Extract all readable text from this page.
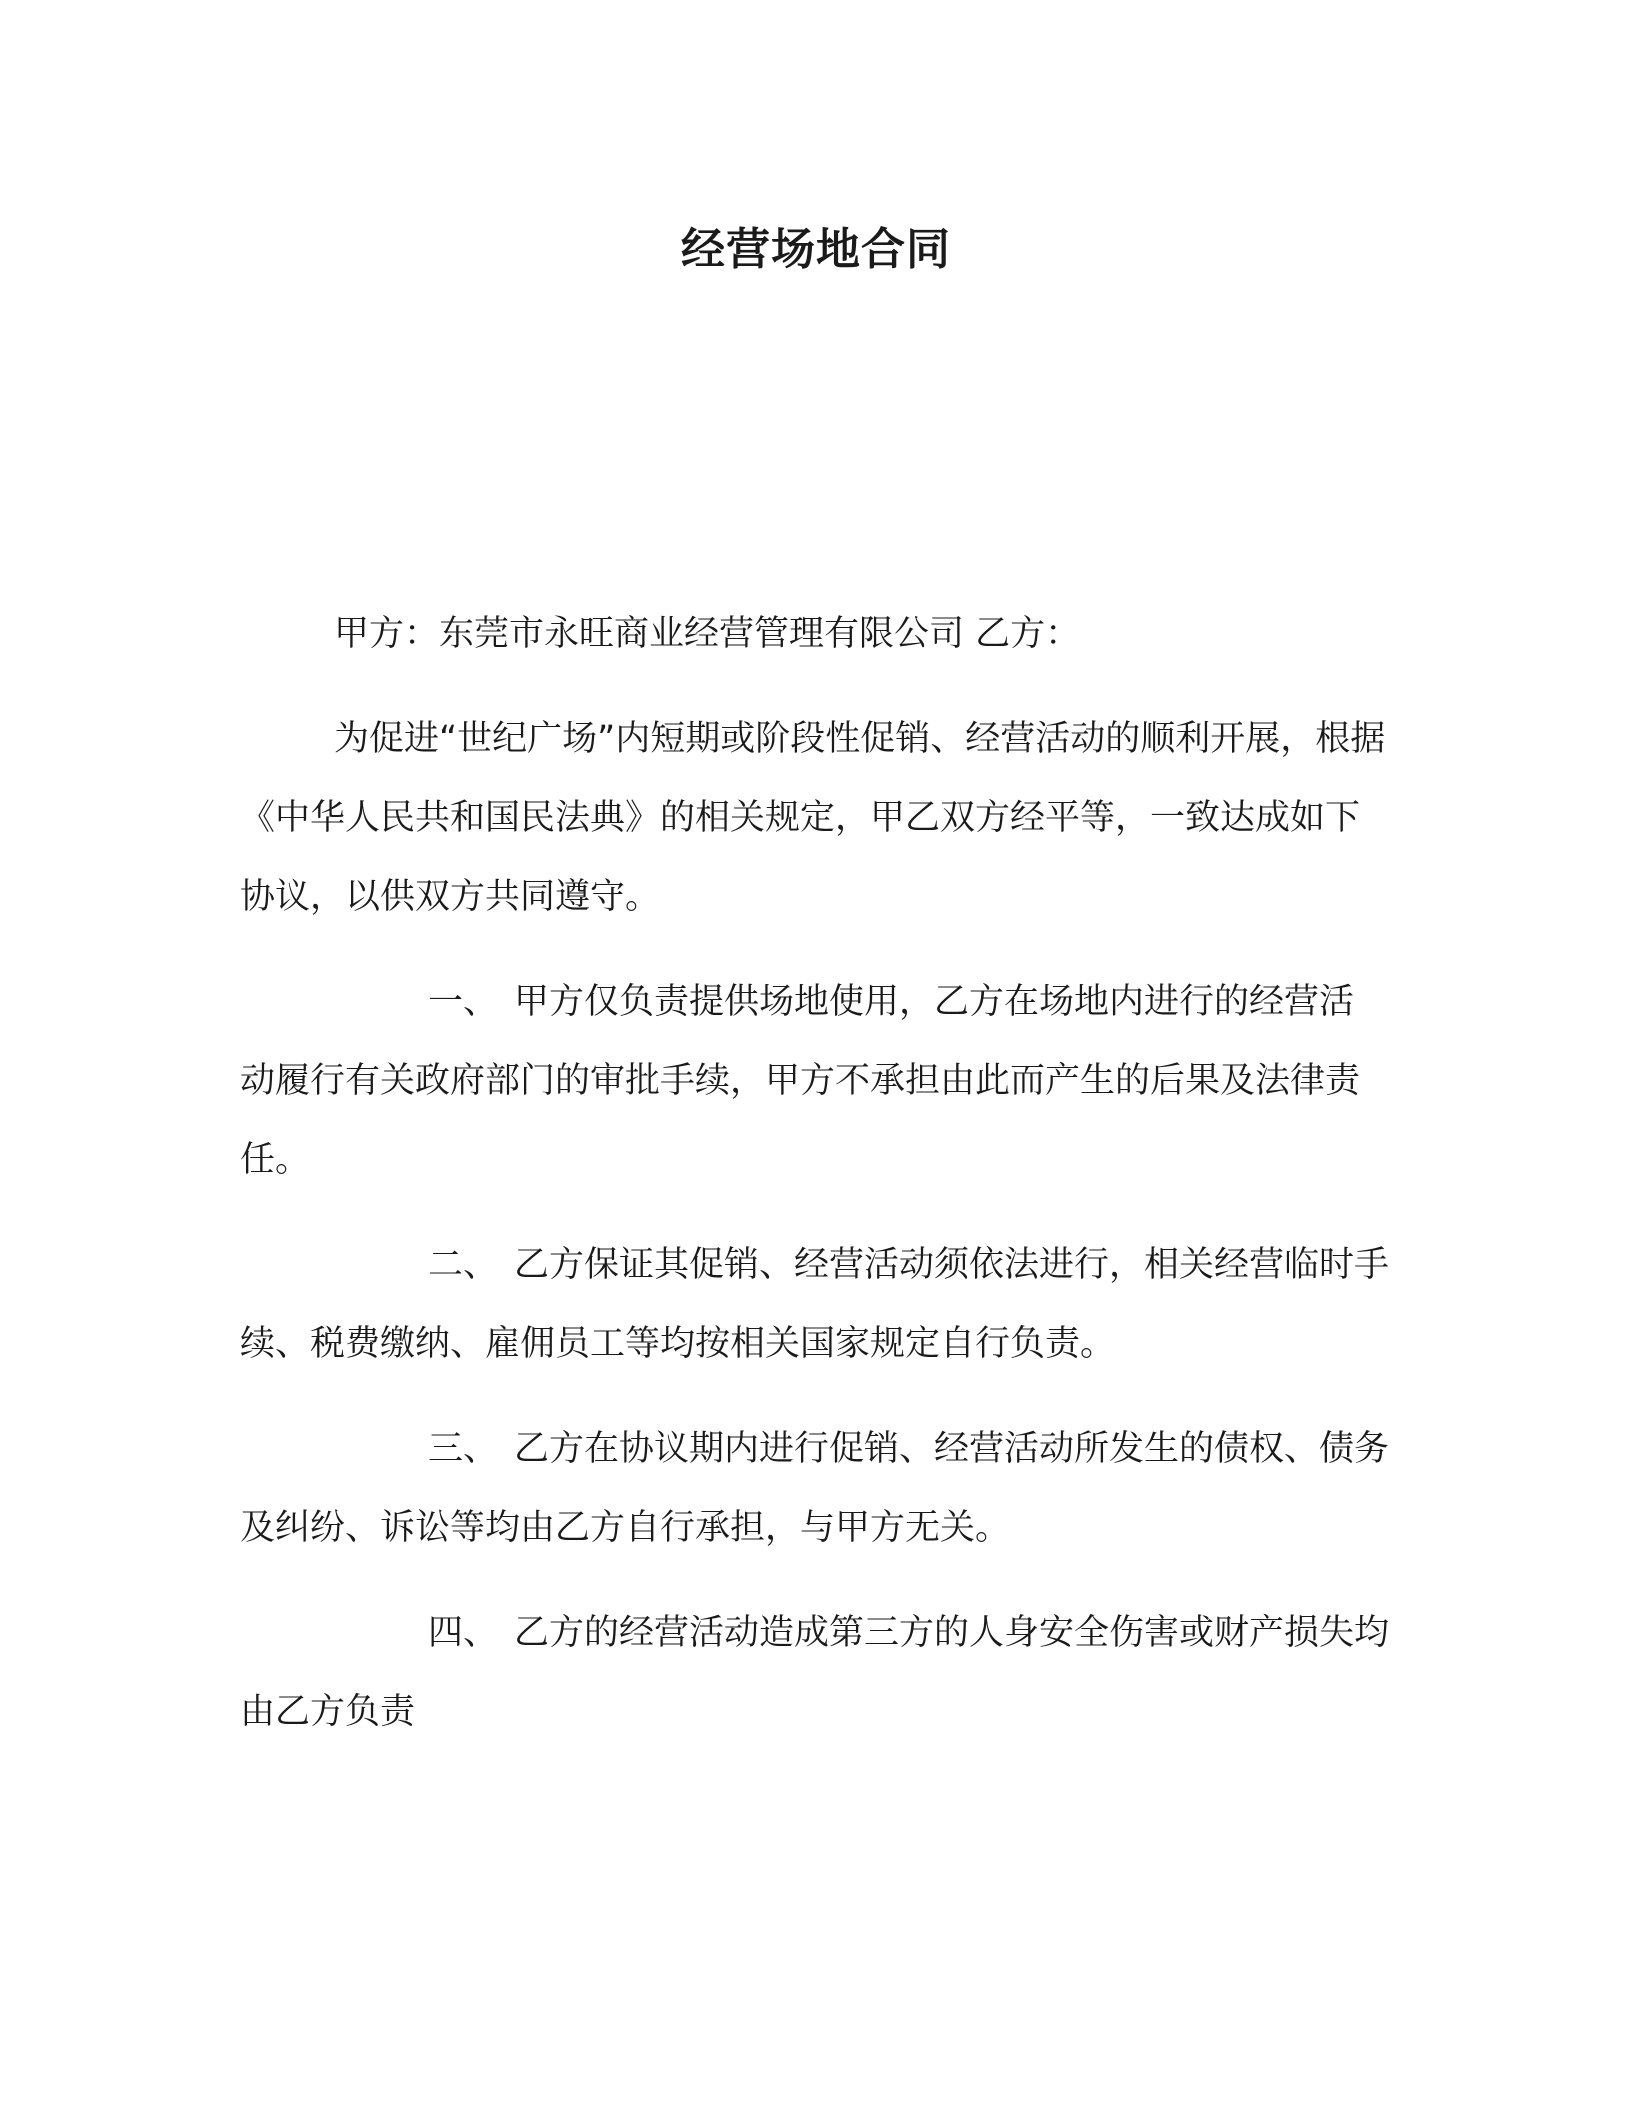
经营场地合同

甲方：东莞市永旺商业经营管理有限公司 乙方：

为促进“世纪广场”内短期或阶段性促销、经营活动的顺利开展，根据《中华人民共和国民法典》的相关规定，甲乙双方经平等，一致达成如下协议，以供双方共同遵守。

一、 甲方仅负责提供场地使用，乙方在场地内进行的经营活动履行有关政府部门的审批手续，甲方不承担由此而产生的后果及法律责任。

二、 乙方保证其促销、经营活动须依法进行，相关经营临时手续、税费缴纳、雇佣员工等均按相关国家规定自行负责。

三、 乙方在协议期内进行促销、经营活动所发生的债权、债务及纠纷、诉讼等均由乙方自行承担，与甲方无关。

四、 乙方的经营活动造成第三方的人身安全伤害或财产损失均由乙方负责
